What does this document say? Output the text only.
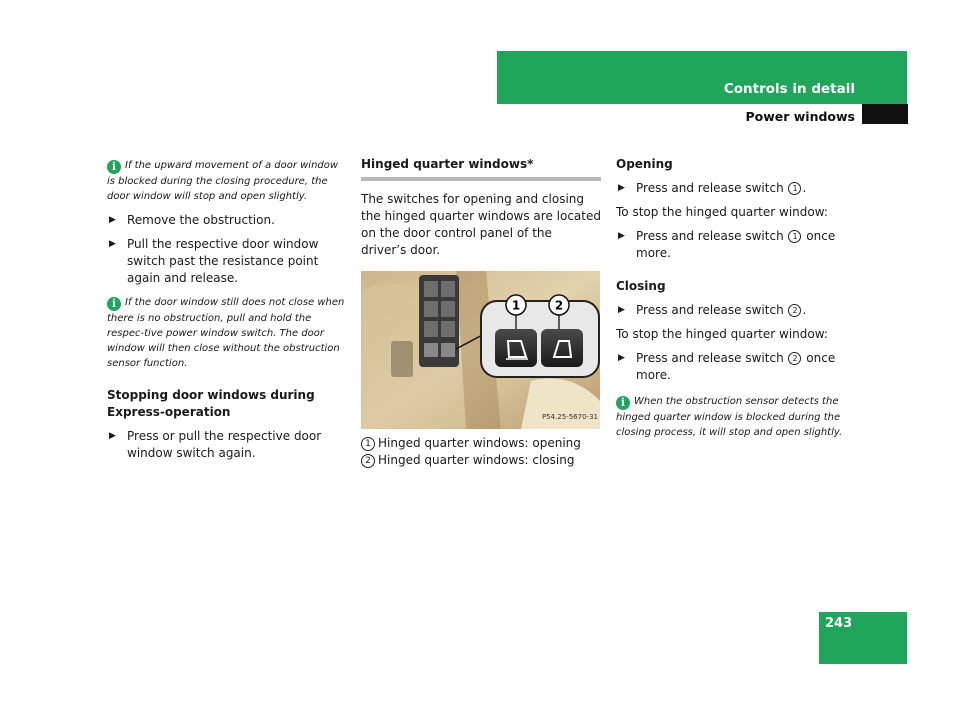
Controls in detail
Power windows
i If the upward movement of a door window is blocked during the closing procedure, the door window will stop and open slightly.
▶ Remove the obstruction.
▶ Pull the respective door window switch past the resistance point again and release.
i If the door window still does not close when there is no obstruction, pull and hold the respec-tive power window switch. The door window will then close without the obstruction sensor function.
Stopping door windows during Express-operation
▶ Press or pull the respective door window switch again.
Hinged quarter windows*

The switches for opening and closing the hinged quarter windows are located on the door control panel of the driver’s door.

1	2
P54.25-5670-31
1 Hinged quarter windows: opening
2 Hinged quarter windows: closing
Opening
▶ Press and release switch 1 .

To stop the hinged quarter window:

▶ Press and release switch 1 once more.
Closing
▶ Press and release switch 2 .

To stop the hinged quarter window:

▶ Press and release switch 2 once more.
i When the obstruction sensor detects the hinged quarter window is blocked during the closing process, it will stop and open slightly.
243
